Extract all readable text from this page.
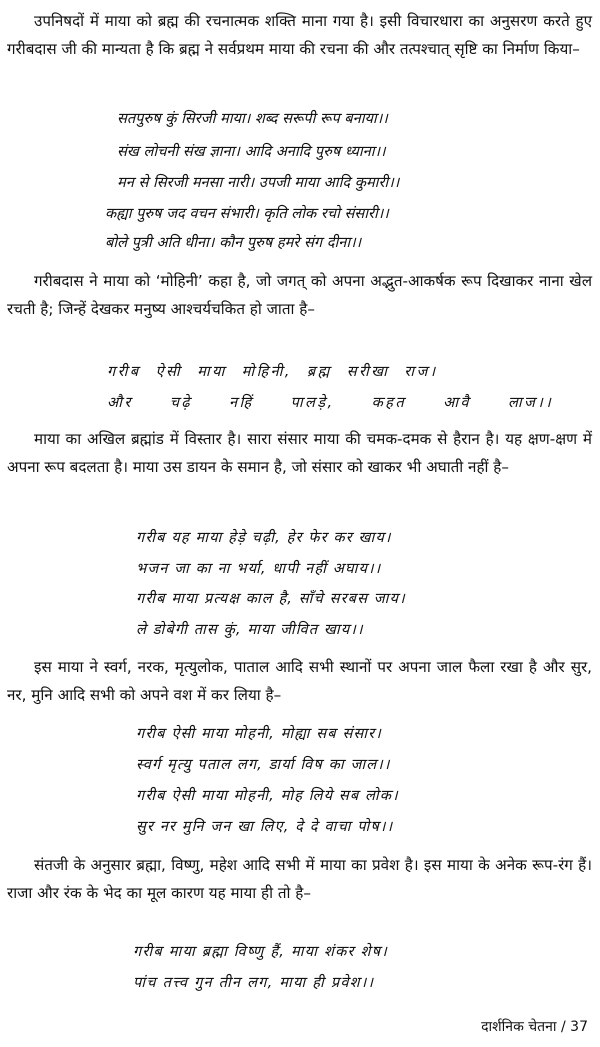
उपनिषदों में माया को ब्रह्म की रचनात्मक शक्ति माना गया है। इसी विचारधारा का अनुसरण करते हुए गरीबदास जी की मान्यता है कि ब्रह्म ने सर्वप्रथम माया की रचना की और तत्पश्चात् सृष्टि का निर्माण किया–

सतपुरुष कुं सिरजी माया। शब्द सरूपी रूप बनाया।।
संख लोचनी संख ज्ञाना। आदि अनादि पुरुष ध्याना।।
मन से सिरजी मनसा नारी। उपजी माया आदि कुमारी।।
कह्या पुरुष जद वचन संभारी। कृति लोक रचो संसारी।।
बोले पुत्री अति धीना। कौन पुरुष हमरे संग दीना।।

गरीबदास ने माया को ‘मोहिनी’ कहा है, जो जगत् को अपना अद्भुत-आकर्षक रूप दिखाकर नाना खेल रचती है; जिन्हें देखकर मनुष्य आश्चर्यचकित हो जाता है–

गरीब ऐसी माया मोहिनी, ब्रह्म सरीखा राज।
और चढ़े नहिं पालड़े, कहत आवै लाज।।

माया का अखिल ब्रह्मांड में विस्तार है। सारा संसार माया की चमक-दमक से हैरान है। यह क्षण-क्षण में अपना रूप बदलता है। माया उस डायन के समान है, जो संसार को खाकर भी अघाती नहीं है–

गरीब यह माया हेड़े चढ़ी, हेर फेर कर खाय।
भजन जा का ना भर्या, धापी नहीं अघाय।।
गरीब माया प्रत्यक्ष काल है, साँचे सरबस जाय।
ले डोबेगी तास कुं, माया जीवित खाय।।

इस माया ने स्वर्ग, नरक, मृत्युलोक, पाताल आदि सभी स्थानों पर अपना जाल फैला रखा है और सुर, नर, मुनि आदि सभी को अपने वश में कर लिया है–

गरीब ऐसी माया मोहनी, मोह्या सब संसार।
स्वर्ग मृत्यु पताल लग, डार्या विष का जाल।।
गरीब ऐसी माया मोहनी, मोह लिये सब लोक।
सुर नर मुनि जन खा लिए, दे दे वाचा पोष।।

संतजी के अनुसार ब्रह्मा, विष्णु, महेश आदि सभी में माया का प्रवेश है। इस माया के अनेक रूप-रंग हैं। राजा और रंक के भेद का मूल कारण यह माया ही तो है–

गरीब माया ब्रह्मा विष्णु हैं, माया शंकर शेष।
पांच तत्त्व गुन तीन लग, माया ही प्रवेश।।
दार्शनिक चेतना / 37
